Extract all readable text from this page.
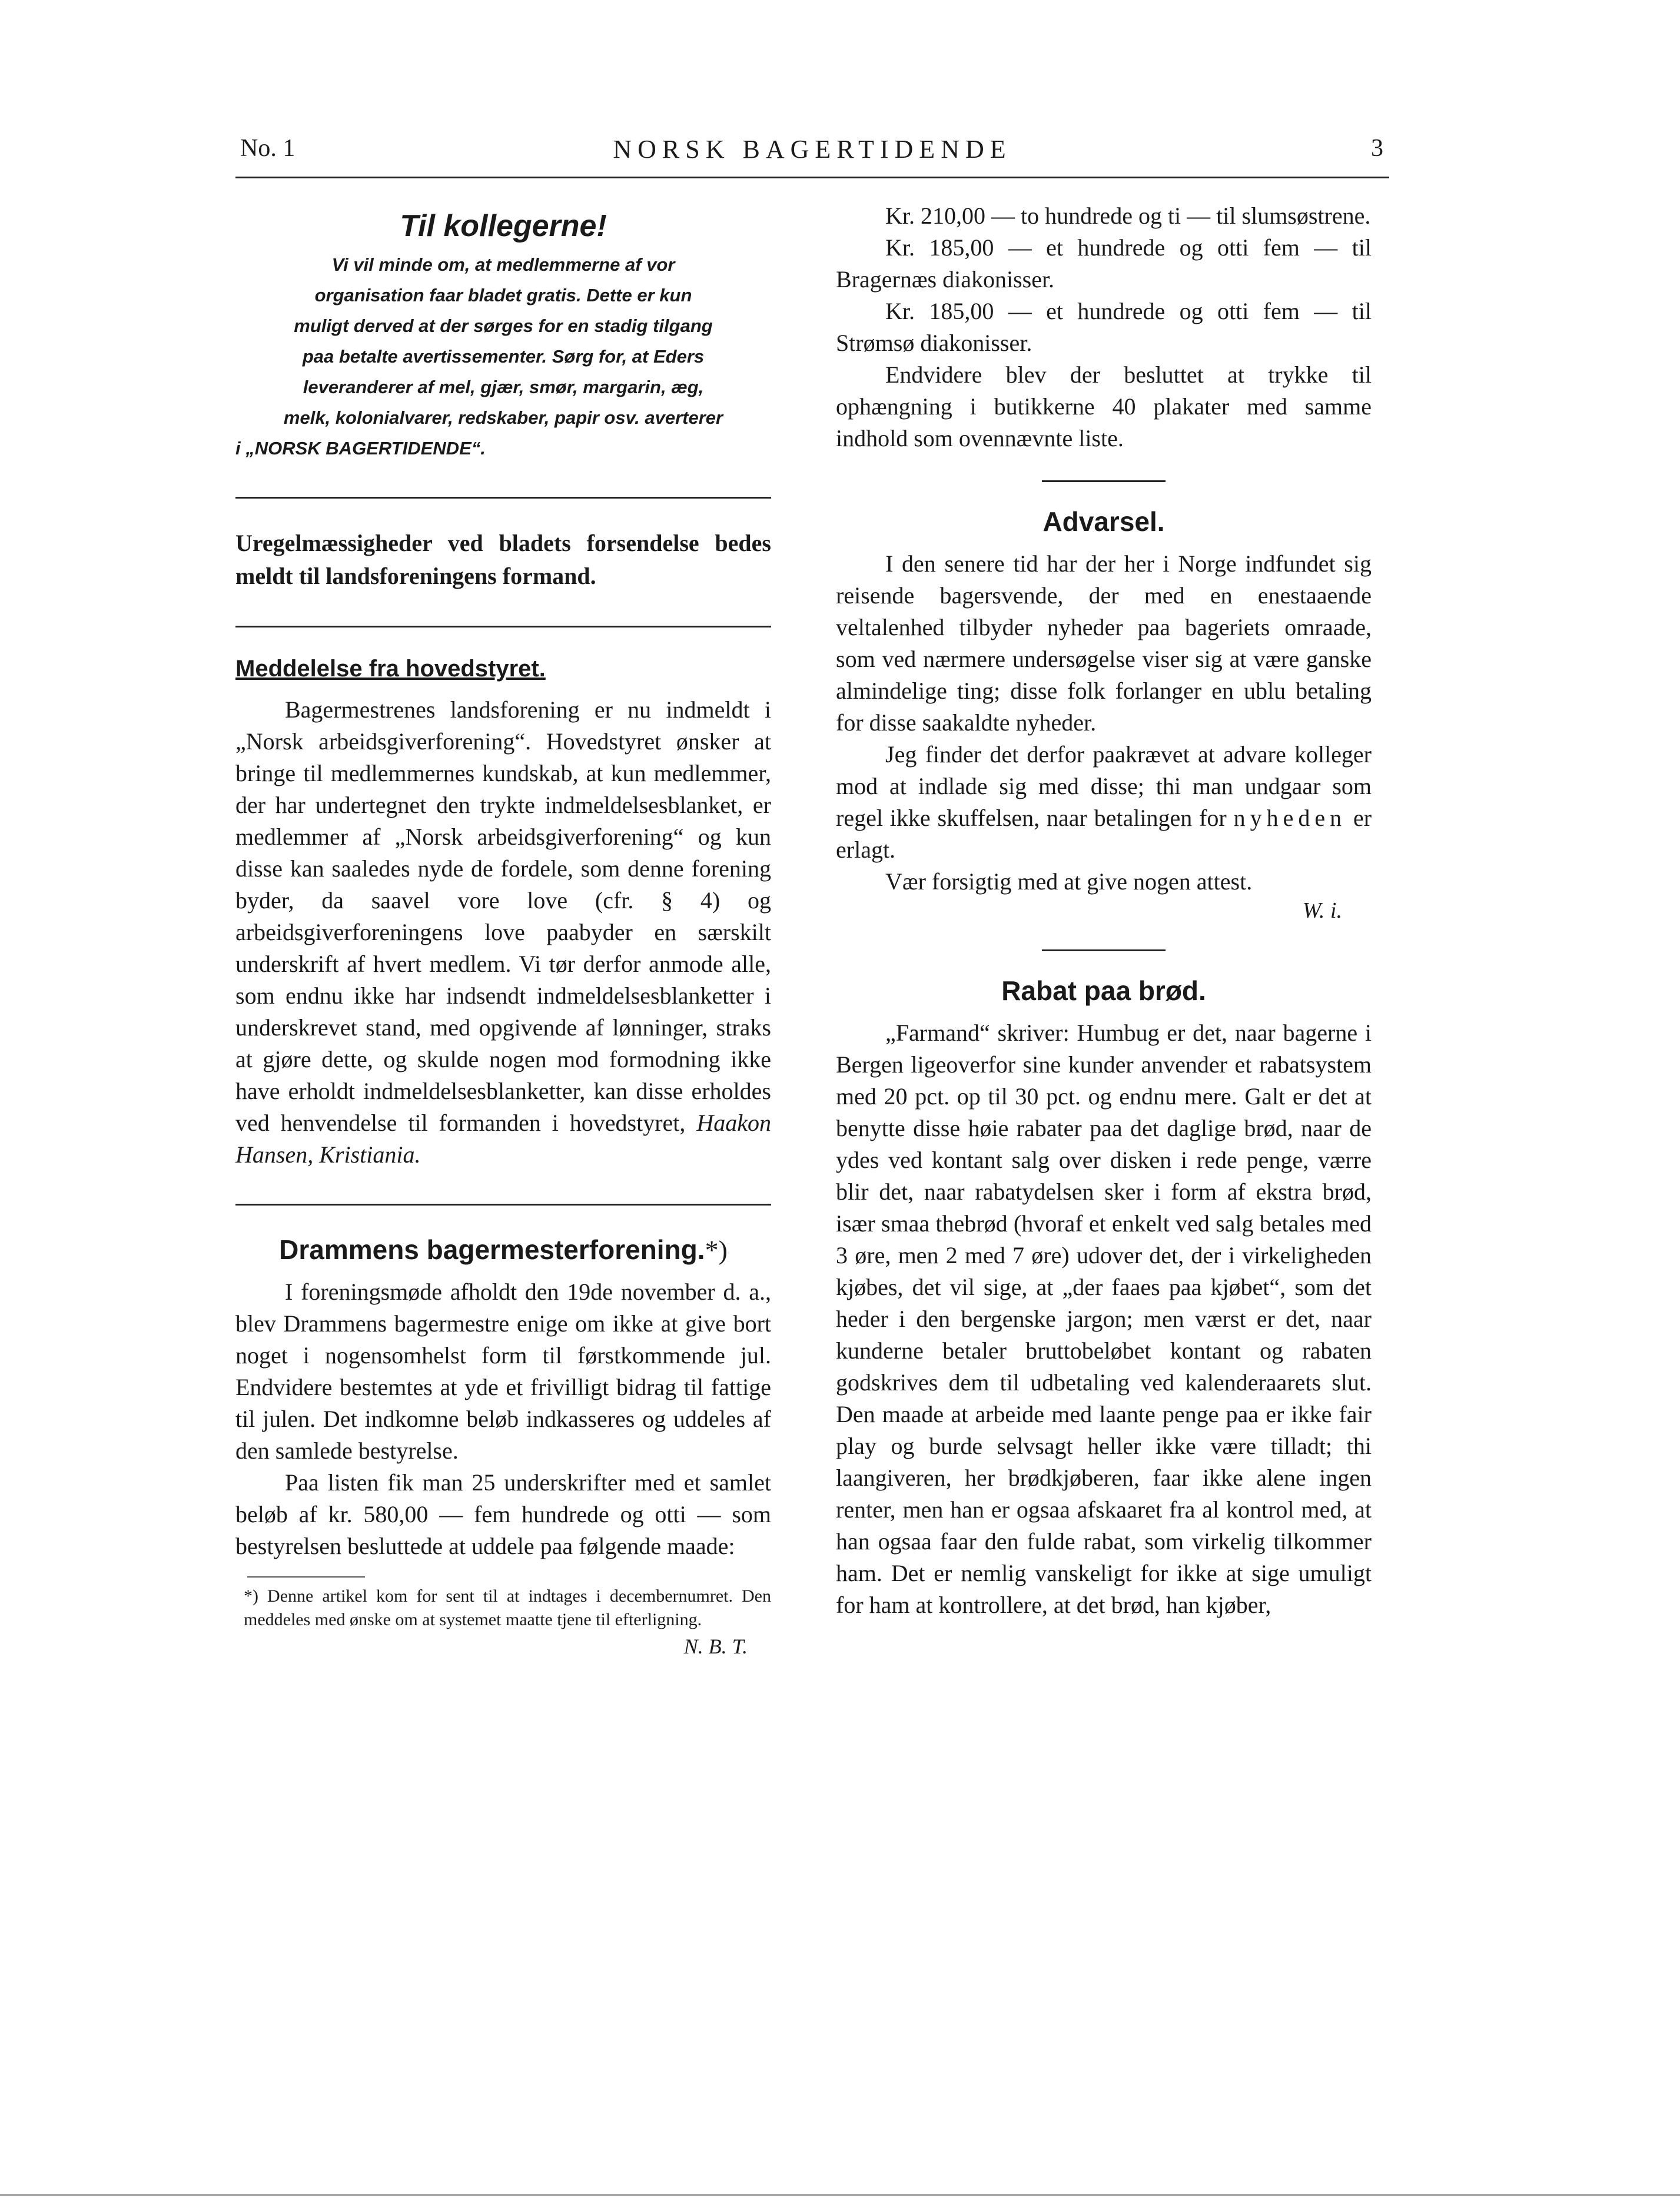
No. 1	NORSK BAGERTIDENDE	3
Til kollegerne!

Vi vil minde om, at medlemmerne af vor
organisation faar bladet gratis. Dette er kun
muligt derved at der sørges for en stadig tilgang
paa betalte avertissementer. Sørg for, at Eders
leveranderer af mel, gjær, smør, margarin, æg,
melk, kolonialvarer, redskaber, papir osv. averterer
i „NORSK BAGERTIDENDE“.

Uregelmæssigheder ved bladets forsendelse bedes meldt til landsforeningens formand.

Meddelelse fra hovedstyret.

Bagermestrenes landsforening er nu indmeldt i „Norsk arbeidsgiverforening“. Hovedstyret ønsker at bringe til medlemmernes kundskab, at kun medlemmer, der har undertegnet den trykte indmeldelsesblanket, er medlemmer af „Norsk arbeidsgiverforening“ og kun disse kan saaledes nyde de fordele, som denne forening byder, da saavel vore love (cfr. § 4) og arbeidsgiverforeningens love paabyder en særskilt underskrift af hvert medlem. Vi tør derfor anmode alle, som endnu ikke har indsendt indmeldelsesblanketter i underskrevet stand, med opgivende af lønninger, straks at gjøre dette, og skulde nogen mod formodning ikke have erholdt indmeldelsesblanketter, kan disse erholdes ved henvendelse til formanden i hovedstyret, Haakon Hansen, Kristiania.

Drammens bagermesterforening.*)

I foreningsmøde afholdt den 19de november d. a., blev Drammens bagermestre enige om ikke at give bort noget i nogensomhelst form til førstkommende jul. Endvidere bestemtes at yde et frivilligt bidrag til fattige til julen. Det indkomne beløb indkasseres og uddeles af den samlede bestyrelse.

Paa listen fik man 25 underskrifter med et samlet beløb af kr. 580,00 — fem hundrede og otti — som bestyrelsen besluttede at uddele paa følgende maade:

*) Denne artikel kom for sent til at indtages i decembernumret. Den meddeles med ønske om at systemet maatte tjene til efterligning.

N. B. T.

Kr. 210,00 — to hundrede og ti — til slumsøstrene.

Kr. 185,00 — et hundrede og otti fem — til Bragernæs diakonisser.

Kr. 185,00 — et hundrede og otti fem — til Strømsø diakonisser.

Endvidere blev der besluttet at trykke til ophængning i butikkerne 40 plakater med samme indhold som ovennævnte liste.

Advarsel.

I den senere tid har der her i Norge indfundet sig reisende bagersvende, der med en enestaaende veltalenhed tilbyder nyheder paa bageriets omraade, som ved nærmere undersøgelse viser sig at være ganske almindelige ting; disse folk forlanger en ublu betaling for disse saakaldte nyheder.

Jeg finder det derfor paakrævet at advare kolleger mod at indlade sig med disse; thi man undgaar som regel ikke skuffelsen, naar betalingen for nyheden er erlagt.

Vær forsigtig med at give nogen attest.

W. i.
Rabat paa brød.

„Farmand“ skriver: Humbug er det, naar bagerne i Bergen ligeoverfor sine kunder anvender et rabatsystem med 20 pct. op til 30 pct. og endnu mere. Galt er det at benytte disse høie rabater paa det daglige brød, naar de ydes ved kontant salg over disken i rede penge, værre blir det, naar rabatydelsen sker i form af ekstra brød, især smaa thebrød (hvoraf et enkelt ved salg betales med 3 øre, men 2 med 7 øre) udover det, der i virkeligheden kjøbes, det vil sige, at „der faaes paa kjøbet“, som det heder i den bergenske jargon; men værst er det, naar kunderne betaler bruttobeløbet kontant og rabaten godskrives dem til udbetaling ved kalenderaarets slut. Den maade at arbeide med laante penge paa er ikke fair play og burde selvsagt heller ikke være tilladt; thi laangiveren, her brødkjøberen, faar ikke alene ingen renter, men han er ogsaa afskaaret fra al kontrol med, at han ogsaa faar den fulde rabat, som virkelig tilkommer ham. Det er nemlig vanskeligt for ikke at sige umuligt for ham at kontrollere, at det brød, han kjøber,
